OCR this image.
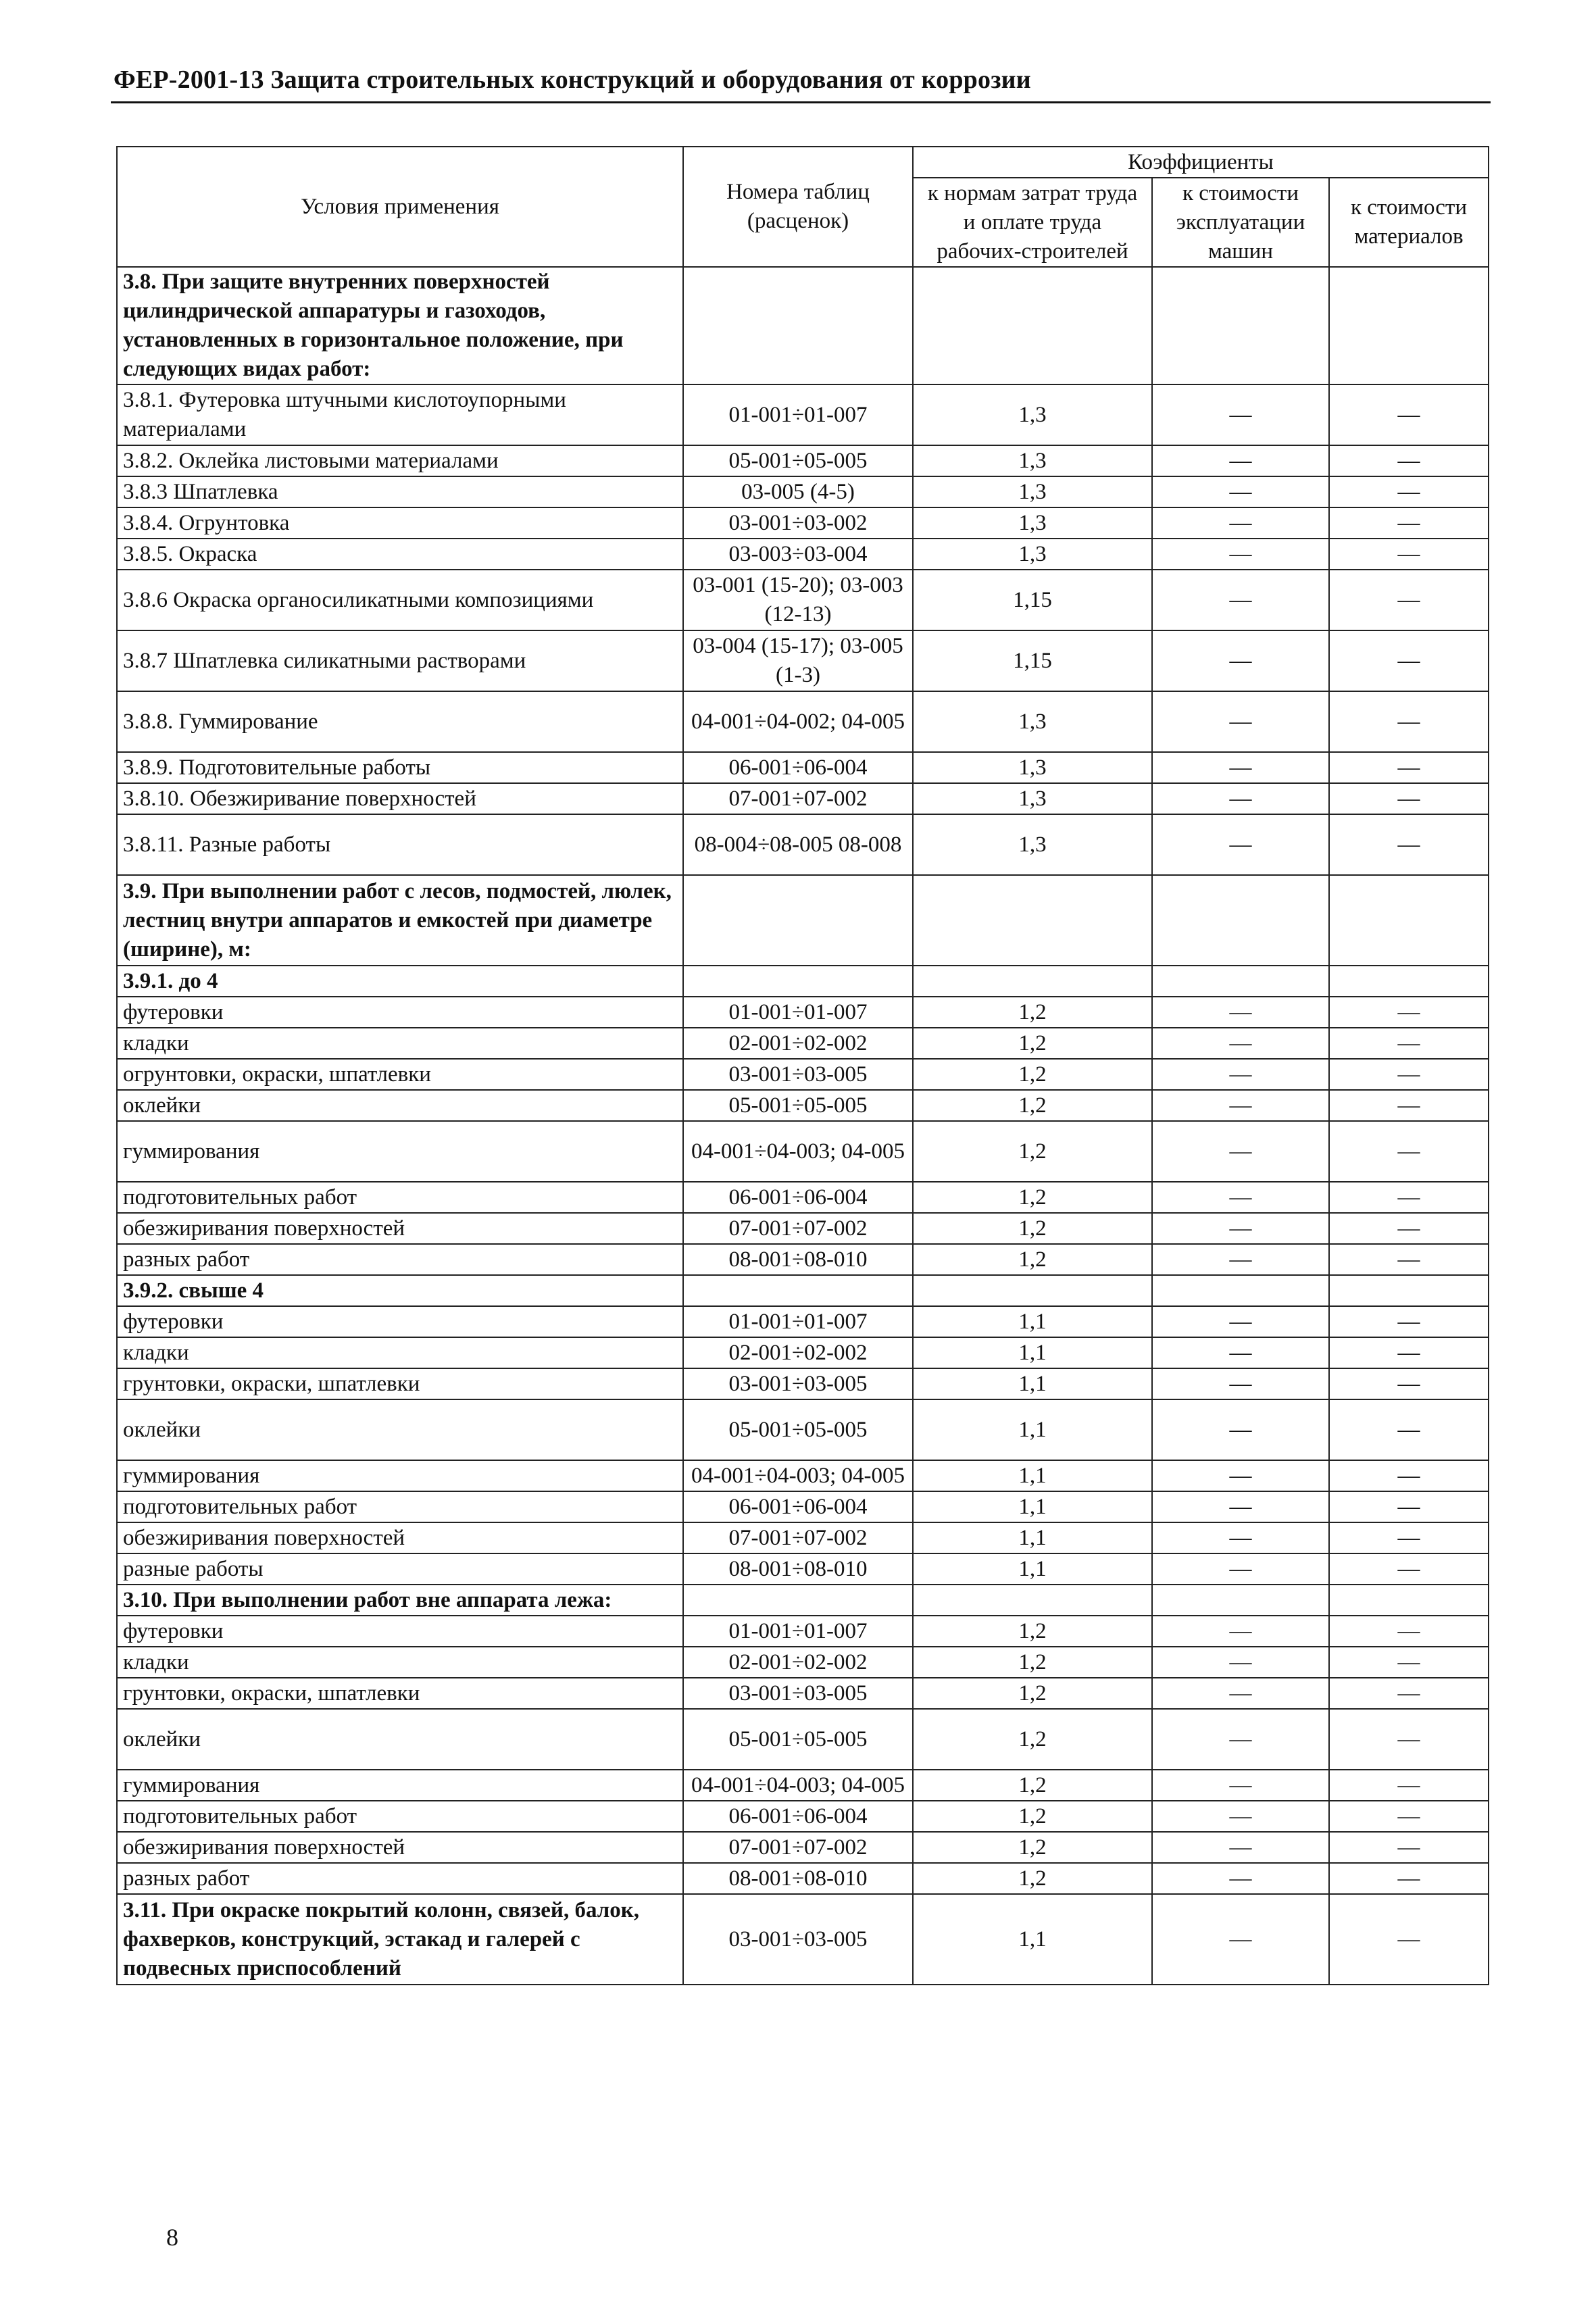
ФЕР-2001-13 Защита строительных конструкций и оборудования от коррозии
Условия применения	Номера таблиц (расценок)	Коэффициенты		
		к нормам затрат труда и оплате труда рабочих-строителей	к стоимости эксплуатации машин	к стоимости материалов
3.8. При защите внутренних поверхностей цилиндрической аппаратуры и газоходов, установленных в горизонтальное положение, при следующих видах работ:				
3.8.1. Футеровка штучными кислотоупорными материалами	01-001÷01-007	1,3	—	—
3.8.2. Оклейка листовыми материалами	05-001÷05-005	1,3	—	—
3.8.3 Шпатлевка	03-005 (4-5)	1,3	—	—
3.8.4. Огрунтовка	03-001÷03-002	1,3	—	—
3.8.5. Окраска	03-003÷03-004	1,3	—	—
3.8.6 Окраска органосиликатными композициями	03-001 (15-20); 03-003 (12-13)	1,15	—	—
3.8.7 Шпатлевка силикатными растворами	03-004 (15-17); 03-005 (1-3)	1,15	—	—
3.8.8. Гуммирование	04-001÷04-002; 04-005	1,3	—	—
3.8.9. Подготовительные работы	06-001÷06-004	1,3	—	—
3.8.10. Обезжиривание поверхностей	07-001÷07-002	1,3	—	—
3.8.11. Разные работы	08-004÷08-005 08-008	1,3	—	—
3.9. При выполнении работ с лесов, подмостей, люлек, лестниц внутри аппаратов и емкостей при диаметре (ширине), м:				
3.9.1. до 4				
футеровки	01-001÷01-007	1,2	—	—
кладки	02-001÷02-002	1,2	—	—
огрунтовки, окраски, шпатлевки	03-001÷03-005	1,2	—	—
оклейки	05-001÷05-005	1,2	—	—
гуммирования	04-001÷04-003; 04-005	1,2	—	—
подготовительных работ	06-001÷06-004	1,2	—	—
обезжиривания поверхностей	07-001÷07-002	1,2	—	—
разных работ	08-001÷08-010	1,2	—	—
3.9.2. свыше 4				
футеровки	01-001÷01-007	1,1	—	—
кладки	02-001÷02-002	1,1	—	—
грунтовки, окраски, шпатлевки	03-001÷03-005	1,1	—	—
оклейки	05-001÷05-005	1,1	—	—
гуммирования	04-001÷04-003; 04-005	1,1	—	—
подготовительных работ	06-001÷06-004	1,1	—	—
обезжиривания поверхностей	07-001÷07-002	1,1	—	—
разные работы	08-001÷08-010	1,1	—	—
3.10. При выполнении работ вне аппарата лежа:				
футеровки	01-001÷01-007	1,2	—	—
кладки	02-001÷02-002	1,2	—	—
грунтовки, окраски, шпатлевки	03-001÷03-005	1,2	—	—
оклейки	05-001÷05-005	1,2	—	—
гуммирования	04-001÷04-003; 04-005	1,2	—	—
подготовительных работ	06-001÷06-004	1,2	—	—
обезжиривания поверхностей	07-001÷07-002	1,2	—	—
разных работ	08-001÷08-010	1,2	—	—
3.11. При окраске покрытий колонн, связей, балок, фахверков, конструкций, эстакад и галерей с подвесных приспособлений	03-001÷03-005	1,1	—	—
8
